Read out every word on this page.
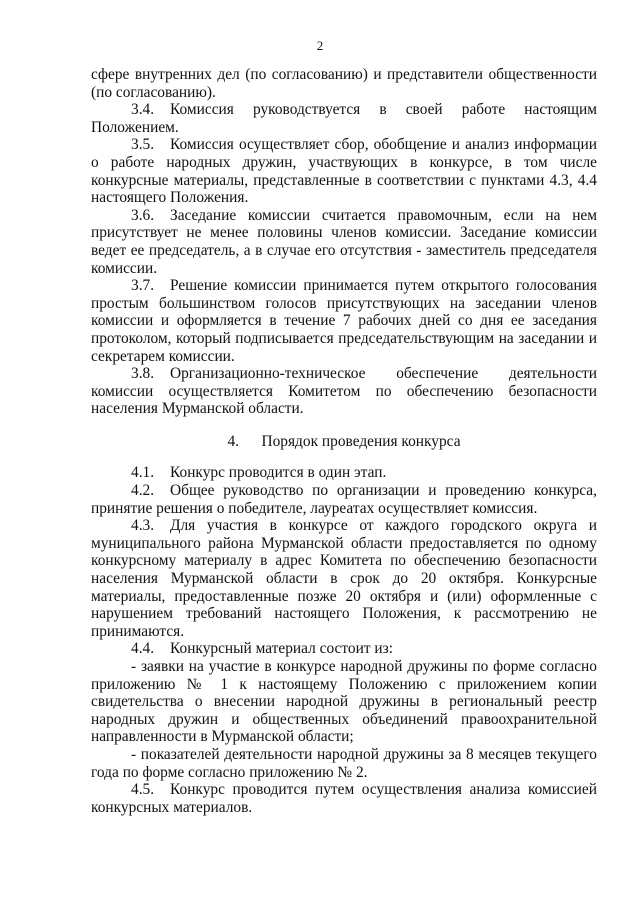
2

сфере внутренних дел (по согласованию) и представители общественности (по согласованию).

3.4. Комиссия руководствуется в своей работе настоящим Положением.

3.5. Комиссия осуществляет сбор, обобщение и анализ информации о работе народных дружин, участвующих в конкурсе, в том числе конкурсные материалы, представленные в соответствии с пунктами 4.3, 4.4 настоящего Положения.

3.6. Заседание комиссии считается правомочным, если на нем присутствует не менее половины членов комиссии. Заседание комиссии ведет ее председатель, а в случае его отсутствия - заместитель председателя комиссии.

3.7. Решение комиссии принимается путем открытого голосования простым большинством голосов присутствующих на заседании членов комиссии и оформляется в течение 7 рабочих дней со дня ее заседания протоколом, который подписывается председательствующим на заседании и секретарем комиссии.

3.8. Организационно-техническое обеспечение деятельности комиссии осуществляется Комитетом по обеспечению безопасности населения Мурманской области.

4. Порядок проведения конкурса

4.1. Конкурс проводится в один этап.

4.2. Общее руководство по организации и проведению конкурса, принятие решения о победителе, лауреатах осуществляет комиссия.

4.3. Для участия в конкурсе от каждого городского округа и муниципального района Мурманской области предоставляется по одному конкурсному материалу в адрес Комитета по обеспечению безопасности населения Мурманской области в срок до 20 октября. Конкурсные материалы, предоставленные позже 20 октября и (или) оформленные с нарушением требований настоящего Положения, к рассмотрению не принимаются.

4.4. Конкурсный материал состоит из:

- заявки на участие в конкурсе народной дружины по форме согласно приложению № 1 к настоящему Положению с приложением копии свидетельства о внесении народной дружины в региональный реестр народных дружин и общественных объединений правоохранительной направленности в Мурманской области;

- показателей деятельности народной дружины за 8 месяцев текущего года по форме согласно приложению № 2.

4.5. Конкурс проводится путем осуществления анализа комиссией конкурсных материалов.
